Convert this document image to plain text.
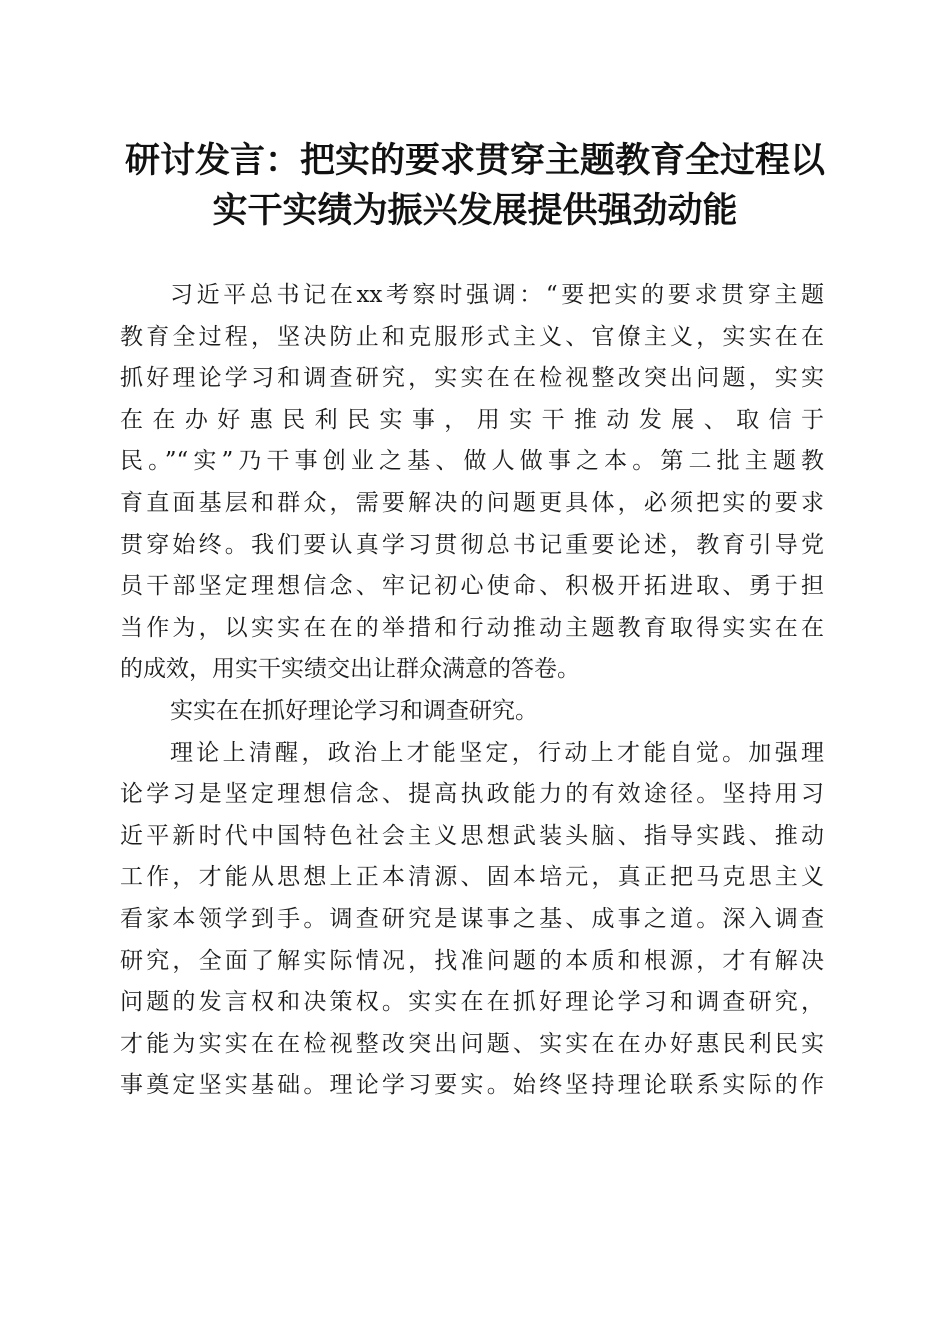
研讨发言：把实的要求贯穿主题教育全过程以
实干实绩为振兴发展提供强劲动能
习近平总书记在xx考察时强调：“要把实的要求贯穿主题
教育全过程，坚决防止和克服形式主义、官僚主义，实实在在
抓好理论学习和调查研究，实实在在检视整改突出问题，实实
在在办好惠民利民实事，用实干推动发展、取信于
民。”“实”乃干事创业之基、做人做事之本。第二批主题教
育直面基层和群众，需要解决的问题更具体，必须把实的要求
贯穿始终。我们要认真学习贯彻总书记重要论述，教育引导党
员干部坚定理想信念、牢记初心使命、积极开拓进取、勇于担
当作为，以实实在在的举措和行动推动主题教育取得实实在在
的成效，用实干实绩交出让群众满意的答卷。
实实在在抓好理论学习和调查研究。
理论上清醒，政治上才能坚定，行动上才能自觉。加强理
论学习是坚定理想信念、提高执政能力的有效途径。坚持用习
近平新时代中国特色社会主义思想武装头脑、指导实践、推动
工作，才能从思想上正本清源、固本培元，真正把马克思主义
看家本领学到手。调查研究是谋事之基、成事之道。深入调查
研究，全面了解实际情况，找准问题的本质和根源，才有解决
问题的发言权和决策权。实实在在抓好理论学习和调查研究，
才能为实实在在检视整改突出问题、实实在在办好惠民利民实
事奠定坚实基础。理论学习要实。始终坚持理论联系实际的作
